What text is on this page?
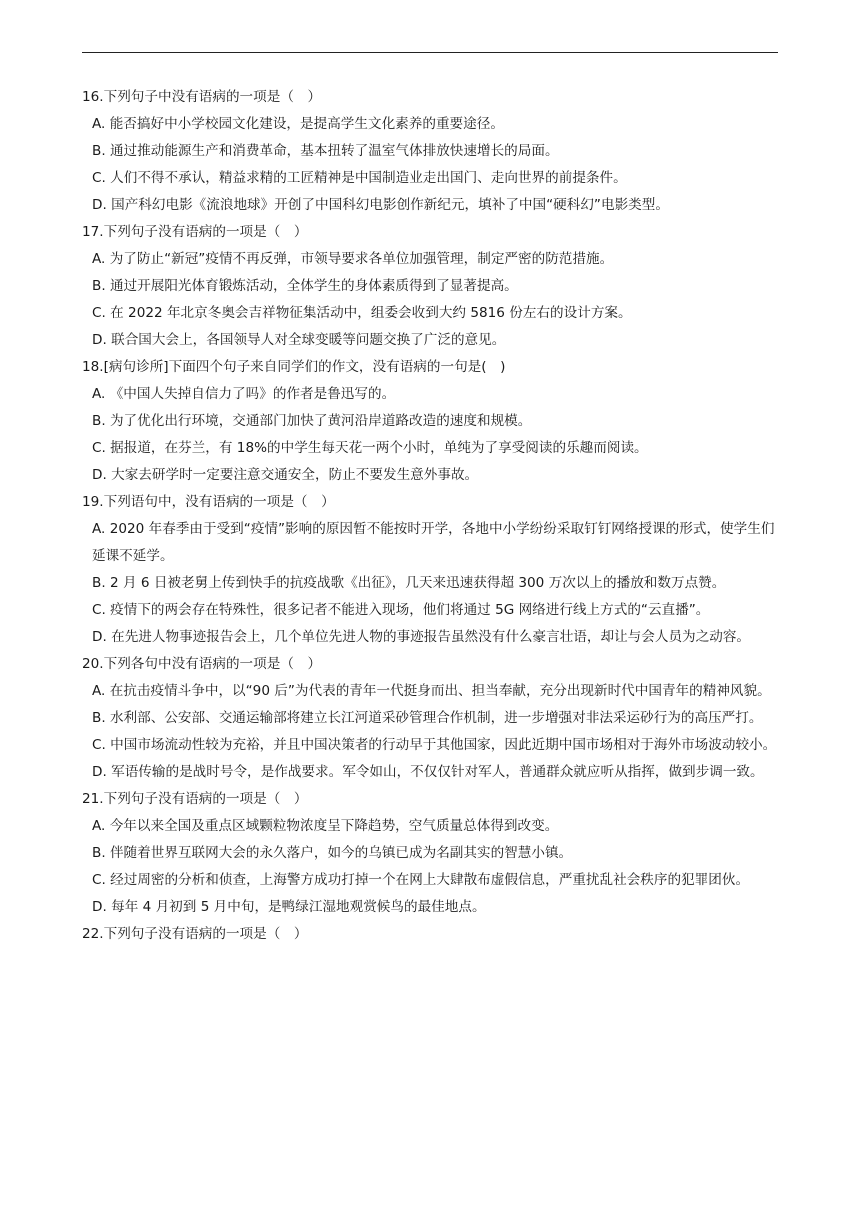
16.下列句子中没有语病的一项是（　）

A. 能否搞好中小学校园文化建设，是提高学生文化素养的重要途径。

B. 通过推动能源生产和消费革命，基本扭转了温室气体排放快速增长的局面。

C. 人们不得不承认，精益求精的工匠精神是中国制造业走出国门、走向世界的前提条件。

D. 国产科幻电影《流浪地球》开创了中国科幻电影创作新纪元，填补了中国“硬科幻”电影类型。

17.下列句子没有语病的一项是（　）

A. 为了防止“新冠”疫情不再反弹，市领导要求各单位加强管理，制定严密的防范措施。

B. 通过开展阳光体育锻炼活动，全体学生的身体素质得到了显著提高。

C. 在 2022 年北京冬奥会吉祥物征集活动中，组委会收到大约 5816 份左右的设计方案。

D. 联合国大会上，各国领导人对全球变暖等问题交换了广泛的意见。

18.[病句诊所]下面四个句子来自同学们的作文，没有语病的一句是(　)

A. 《中国人失掉自信力了吗》的作者是鲁迅写的。

B. 为了优化出行环境，交通部门加快了黄河沿岸道路改造的速度和规模。

C. 据报道，在芬兰，有 18%的中学生每天花一两个小时，单纯为了享受阅读的乐趣而阅读。

D. 大家去研学时一定要注意交通安全，防止不要发生意外事故。

19.下列语句中，没有语病的一项是（　）

A. 2020 年春季由于受到“疫情”影响的原因暂不能按时开学，各地中小学纷纷采取钉钉网络授课的形式，使学生们延课不延学。

B. 2 月 6 日被老舅上传到快手的抗疫战歌《出征》，几天来迅速获得超 300 万次以上的播放和数万点赞。

C. 疫情下的两会存在特殊性，很多记者不能进入现场，他们将通过 5G 网络进行线上方式的“云直播”。

D. 在先进人物事迹报告会上，几个单位先进人物的事迹报告虽然没有什么豪言壮语，却让与会人员为之动容。

20.下列各句中没有语病的一项是（　）

A. 在抗击疫情斗争中，以“90 后”为代表的青年一代挺身而出、担当奉献，充分出现新时代中国青年的精神风貌。

B. 水利部、公安部、交通运输部将建立长江河道采砂管理合作机制，进一步增强对非法采运砂行为的高压严打。

C. 中国市场流动性较为充裕，并且中国决策者的行动早于其他国家，因此近期中国市场相对于海外市场波动较小。

D. 军语传输的是战时号令，是作战要求。军令如山，不仅仅针对军人，普通群众就应听从指挥，做到步调一致。

21.下列句子没有语病的一项是（　）

A. 今年以来全国及重点区域颗粒物浓度呈下降趋势，空气质量总体得到改变。

B. 伴随着世界互联网大会的永久落户，如今的乌镇已成为名副其实的智慧小镇。

C. 经过周密的分析和侦查，上海警方成功打掉一个在网上大肆散布虚假信息，严重扰乱社会秩序的犯罪团伙。

D. 每年 4 月初到 5 月中旬，是鸭绿江湿地观赏候鸟的最佳地点。

22.下列句子没有语病的一项是（　）
